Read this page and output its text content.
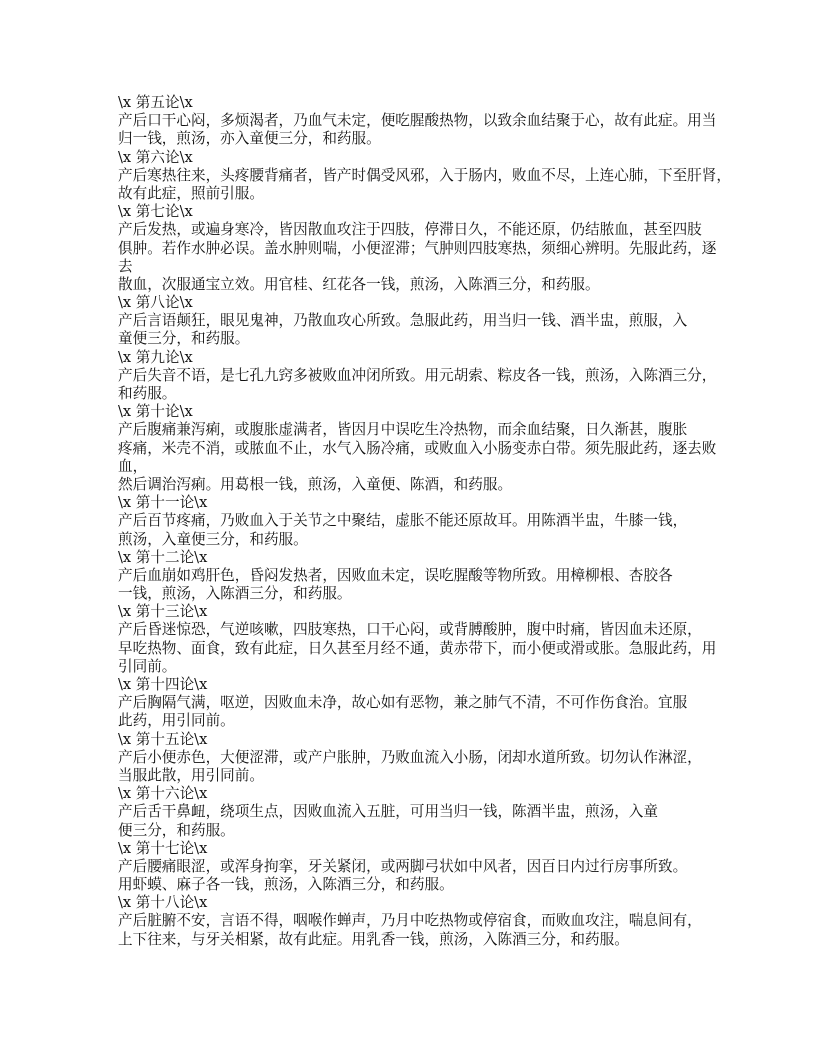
\x 第五论\x
产后口干心闷，多烦渴者，乃血气未定，便吃腥酸热物，以致余血结聚于心，故有此症。用当
归一钱，煎汤，亦入童便三分，和药服。
\x 第六论\x
产后寒热往来，头疼腰背痛者，皆产时偶受风邪，入于肠内，败血不尽，上连心肺，下至肝肾，
故有此症，照前引服。
\x 第七论\x
产后发热，或遍身寒冷，皆因散血攻注于四肢，停滞日久，不能还原，仍结脓血，甚至四肢
俱肿。若作水肿必误。盖水肿则喘，小便涩滞；气肿则四肢寒热，须细心辨明。先服此药，逐
去
散血，次服通宝立效。用官桂、红花各一钱，煎汤，入陈酒三分，和药服。
\x 第八论\x
产后言语颠狂，眼见鬼神，乃散血攻心所致。急服此药，用当归一钱、酒半盅，煎服，入
童便三分，和药服。
\x 第九论\x
产后失音不语，是七孔九窍多被败血冲闭所致。用元胡索、粽皮各一钱，煎汤，入陈酒三分，
和药服。
\x 第十论\x
产后腹痛兼泻痢，或腹胀虚满者，皆因月中误吃生冷热物，而余血结聚，日久渐甚，腹胀
疼痛，米壳不消，或脓血不止，水气入肠冷痛，或败血入小肠变赤白带。须先服此药，逐去败
血，
然后调治泻痢。用葛根一钱，煎汤，入童便、陈酒，和药服。
\x 第十一论\x
产后百节疼痛，乃败血入于关节之中聚结，虚胀不能还原故耳。用陈酒半盅，牛膝一钱，
煎汤，入童便三分，和药服。
\x 第十二论\x
产后血崩如鸡肝色，昏闷发热者，因败血未定，误吃腥酸等物所致。用樟柳根、杏胶各
一钱，煎汤，入陈酒三分，和药服。
\x 第十三论\x
产后昏迷惊恐，气逆咳嗽，四肢寒热，口干心闷，或背膊酸肿，腹中时痛，皆因血未还原，
早吃热物、面食，致有此症，日久甚至月经不通，黄赤带下，而小便或滑或胀。急服此药，用
引同前。
\x 第十四论\x
产后胸隔气满，呕逆，因败血未净，故心如有恶物，兼之肺气不清，不可作伤食治。宜服
此药，用引同前。
\x 第十五论\x
产后小便赤色，大便涩滞，或产户胀肿，乃败血流入小肠，闭却水道所致。切勿认作淋涩，
当服此散，用引同前。
\x 第十六论\x
产后舌干鼻衄，绕项生点，因败血流入五脏，可用当归一钱，陈酒半盅，煎汤，入童
便三分，和药服。
\x 第十七论\x
产后腰痛眼涩，或浑身拘挛，牙关紧闭，或两脚弓状如中风者，因百日内过行房事所致。
用虾蟆、麻子各一钱，煎汤，入陈酒三分，和药服。
\x 第十八论\x
产后脏腑不安，言语不得，咽喉作蝉声，乃月中吃热物或停宿食，而败血攻注，喘息间有，
上下往来，与牙关相紧，故有此症。用乳香一钱，煎汤，入陈酒三分，和药服。
